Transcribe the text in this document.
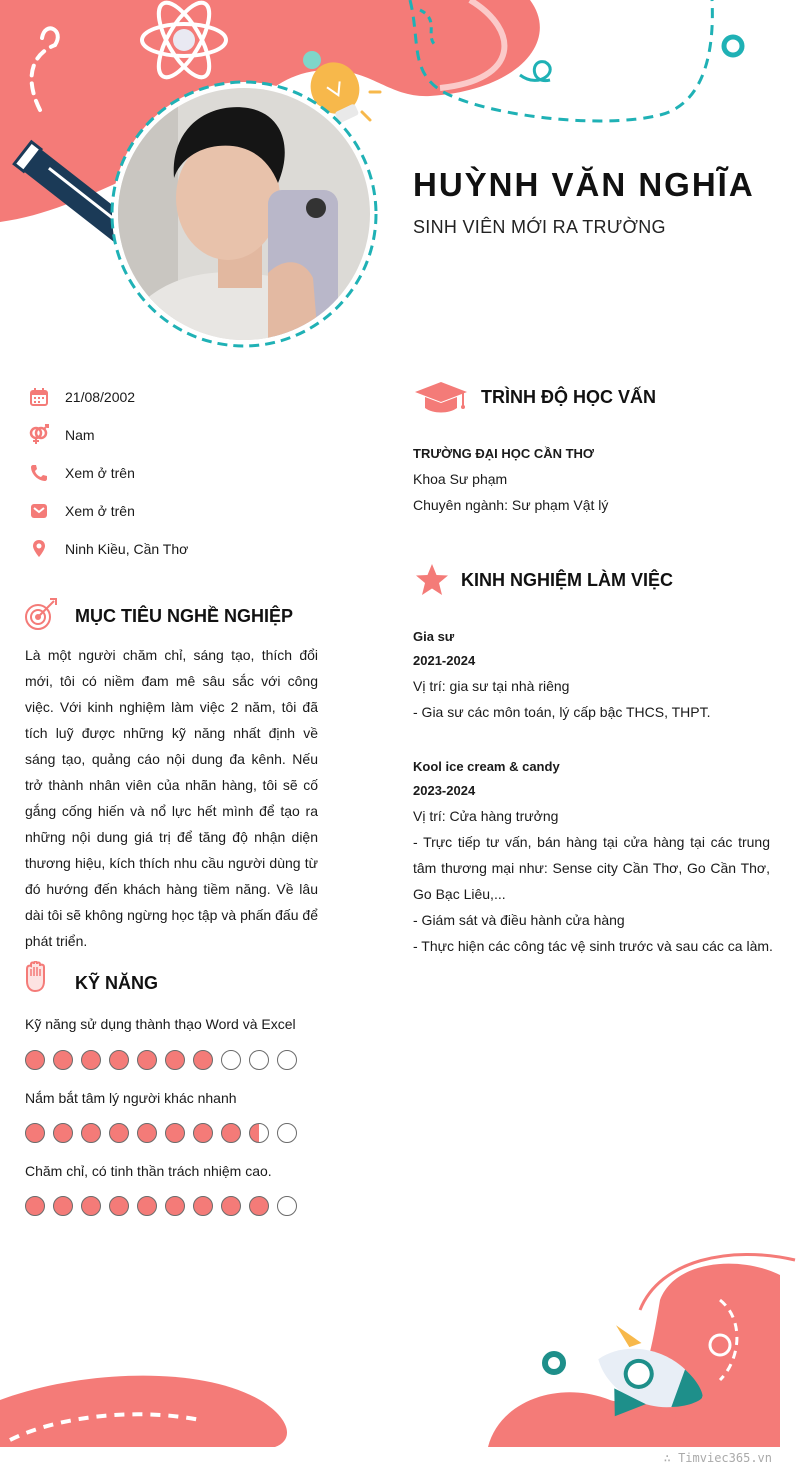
HUỲNH VĂN NGHĨA
SINH VIÊN MỚI RA TRƯỜNG
21/08/2002
Nam
Xem ở trên
Xem ở trên
Ninh Kiều, Cần Thơ
MỤC TIÊU NGHỀ NGHIỆP
Là một người chăm chỉ, sáng tạo, thích đổi mới, tôi có niềm đam mê sâu sắc với công việc. Với kinh nghiệm làm việc 2 năm, tôi đã tích luỹ được những kỹ năng nhất định về sáng tạo, quảng cáo nội dung đa kênh. Nếu trở thành nhân viên của nhãn hàng, tôi sẽ cố gắng cống hiến và nổ lực hết mình để tạo ra những nội dung giá trị để tăng độ nhận diện thương hiệu, kích thích nhu cầu người dùng từ đó hướng đến khách hàng tiềm năng. Về lâu dài tôi sẽ không ngừng học tập và phấn đấu để phát triển.
KỸ NĂNG
Kỹ năng sử dụng thành thạo Word và Excel
Nắm bắt tâm lý người khác nhanh
Chăm chỉ, có tinh thần trách nhiệm cao.
TRÌNH ĐỘ HỌC VẤN
TRƯỜNG ĐẠI HỌC CẦN THƠ
Khoa Sư phạm
Chuyên ngành: Sư phạm Vật lý
KINH NGHIỆM LÀM VIỆC
Gia sư
2021-2024
Vị trí: gia sư tại nhà riêng
- Gia sư các môn toán, lý cấp bậc THCS, THPT.
Kool ice cream & candy
2023-2024
Vị trí: Cửa hàng trưởng
- Trực tiếp tư vấn, bán hàng tại cửa hàng tại các trung tâm thương mại như: Sense city Cần Thơ, Go Cần Thơ, Go Bạc Liêu,...
- Giám sát và điều hành cửa hàng
- Thực hiện các công tác vệ sinh trước và sau các ca làm.
∴ Timviec365.vn
